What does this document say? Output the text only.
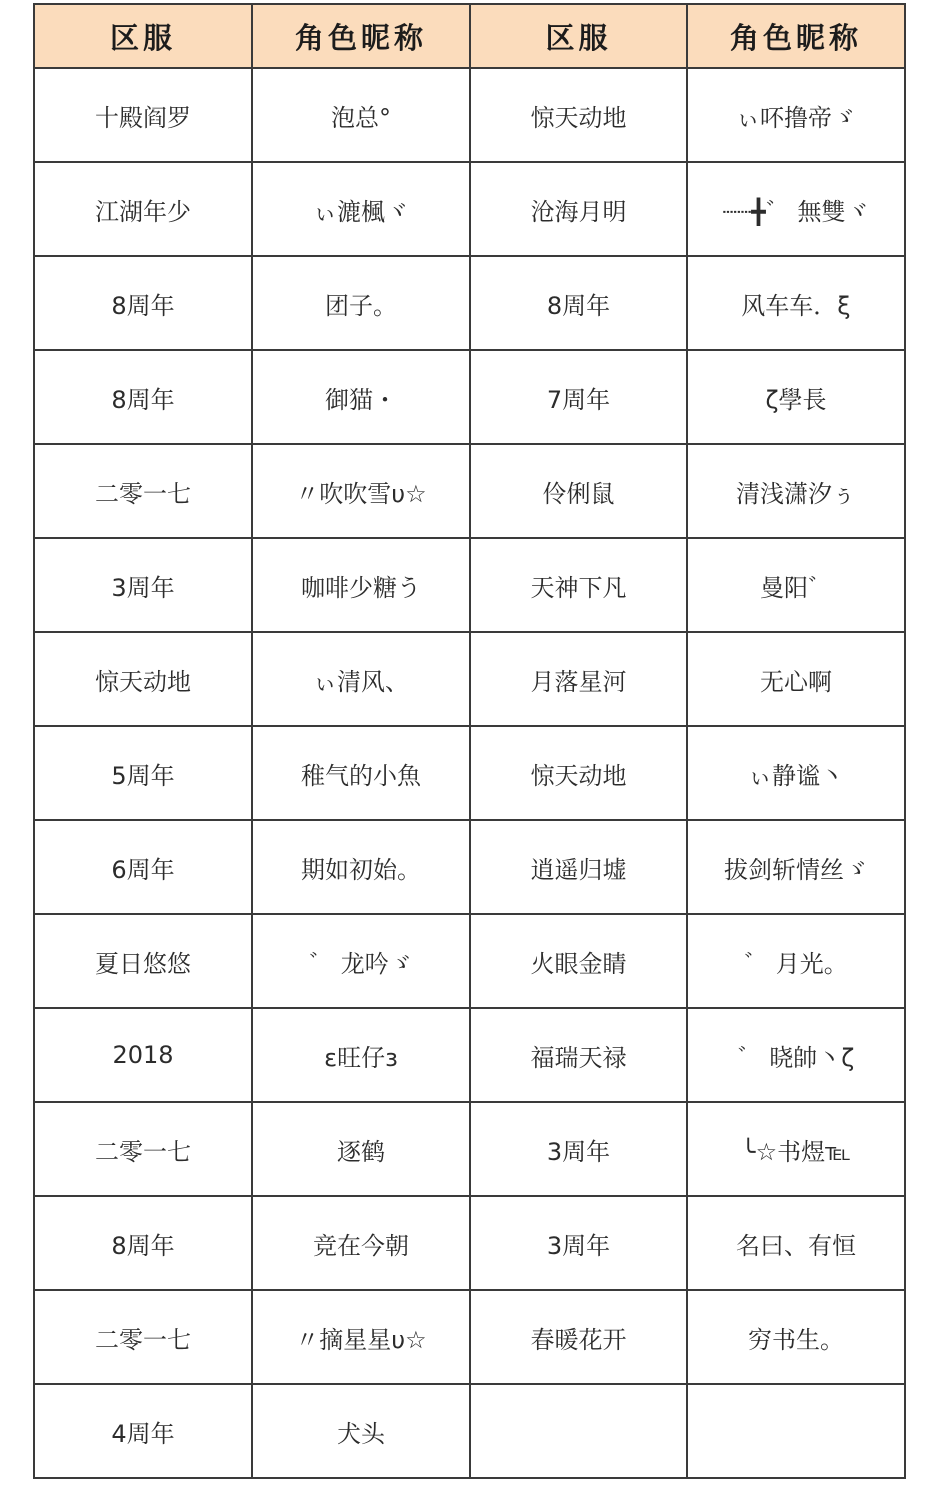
区服	角色昵称	区服	角色昵称
十殿阎罗	泡总°	惊天动地	ぃ吥撸帝ゞ
江湖年少	ぃ漉楓ヾ	沧海月明	┈┈╋゛ 無雙ヾ
8周年	团子。	8周年	风车车．ξ
8周年	御猫・	7周年	ζ學長
二零一七	〃吹吹雪υ☆	伶俐鼠	清浅潇汐ぅ
3周年	咖啡少糖う	天神下凡	曼阳゛
惊天动地	ぃ清风、	月落星河	无心啊
5周年	稚气的小魚	惊天动地	ぃ静谧丶
6周年	期如初始。	逍遥归墟	拔剑斩情丝ゞ
夏日悠悠	゛ 龙吟ゞ	火眼金睛	゛ 月光。
2018	ε旺仔з	福瑞天禄	゛ 晓帥丶ζ
二零一七	逐鹤	3周年	╰☆书煜℡
8周年	竞在今朝	3周年	名曰、有恒
二零一七	〃摘星星υ☆	春暖花开	穷书生。
4周年	犬头		
